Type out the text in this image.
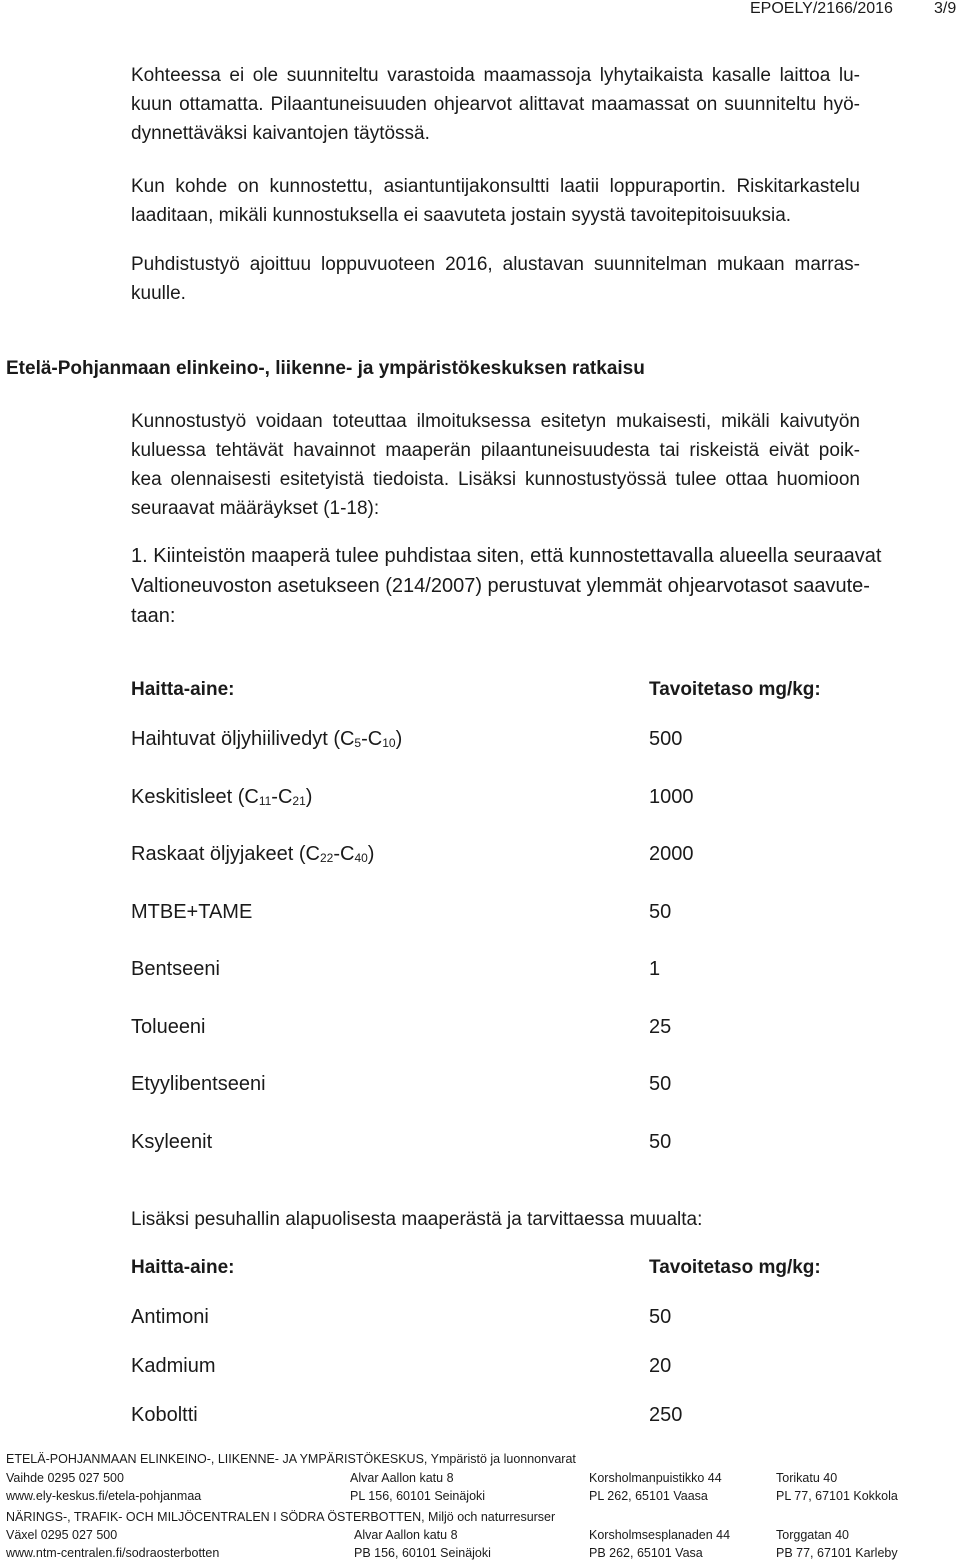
EPOELY/2166/2016	3/9
Kohteessa ei ole suunniteltu varastoida maamassoja lyhytaikaista kasalle laittoa lu-
kuun ottamatta. Pilaantuneisuuden ohjearvot alittavat maamassat on suunniteltu hyö-
dynnettäväksi kaivantojen täytössä.
Kun kohde on kunnostettu, asiantuntijakonsultti laatii loppuraportin. Riskitarkastelu
laaditaan, mikäli kunnostuksella ei saavuteta jostain syystä tavoitepitoisuuksia.
Puhdistustyö ajoittuu loppuvuoteen 2016, alustavan suunnitelman mukaan marras-
kuulle.
Etelä-Pohjanmaan elinkeino-, liikenne- ja ympäristökeskuksen ratkaisu
Kunnostustyö voidaan toteuttaa ilmoituksessa esitetyn mukaisesti, mikäli kaivutyön
kuluessa tehtävät havainnot maaperän pilaantuneisuudesta tai riskeistä eivät poik-
kea olennaisesti esitetyistä tiedoista. Lisäksi kunnostustyössä tulee ottaa huomioon
seuraavat määräykset (1-18):
1. Kiinteistön maaperä tulee puhdistaa siten, että kunnostettavalla alueella seuraavat
Valtioneuvoston asetukseen (214/2007) perustuvat ylemmät ohjearvotasot saavute-
taan:
Haitta-aine:	Tavoitetaso mg/kg:
Haihtuvat öljyhiilivedyt $(C_5-C_{10})$	500
Keskitisleet $(C_{11}-C_{21})$	1000
Raskaat öljyjakeet $(C_{22}-C_{40})$	2000
MTBE+TAME	50
Bentseeni	1
Tolueeni	25
Etyylibentseeni	50
Ksyleenit	50
Lisäksi pesuhallin alapuolisesta maaperästä ja tarvittaessa muualta:
Haitta-aine:	Tavoitetaso mg/kg:
Antimoni	50
Kadmium	20
Koboltti	250
ETELÄ-POHJANMAAN ELINKEINO-, LIIKENNE- JA YMPÄRISTÖKESKUS, Ympäristö ja luonnonvarat
Vaihde 0295 027 500	Alvar Aallon katu 8	Korsholmanpuistikko 44	Torikatu 40
www.ely-keskus.fi/etela-pohjanmaa	PL 156, 60101 Seinäjoki	PL 262, 65101 Vaasa	PL 77, 67101 Kokkola
NÄRINGS-, TRAFIK- OCH MILJÖCENTRALEN I SÖDRA ÖSTERBOTTEN, Miljö och naturresurser
Växel 0295 027 500	Alvar Aallon katu 8	Korsholmsesplanaden 44	Torggatan 40
www.ntm-centralen.fi/sodraosterbotten	PB 156, 60101 Seinäjoki	PB 262, 65101 Vasa	PB 77, 67101 Karleby
